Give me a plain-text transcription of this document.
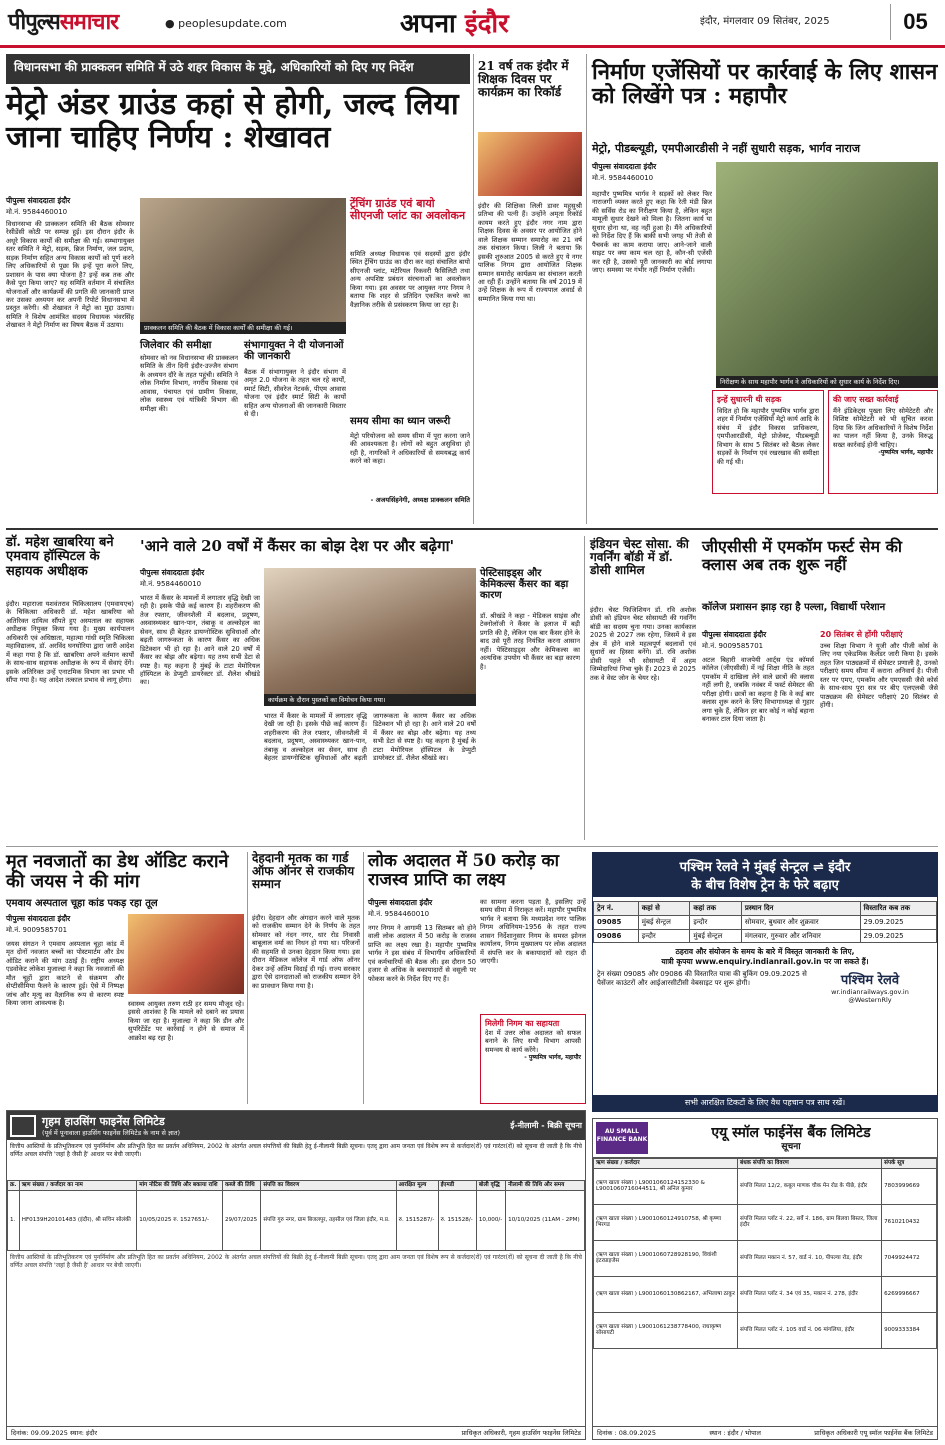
पीपुल्ससमाचार	● peoplesupdate.com	अपना इंदौर	इंदौर, मंगलवार 09 सितंबर, 2025	05
विधानसभा की प्राक्कलन समिति में उठे शहर विकास के मुद्दे, अधिकारियों को दिए गए निर्देश
मेट्रो अंडर ग्राउंड कहां से होगी, जल्द लिया जाना चाहिए निर्णय : शेखावत
पीपुल्स संवाददाता इंदौर
मो.नं. 9584460010
विधानसभा की प्राक्कलन समिति की बैठक सोमवार रेसीडेंसी कोठी पर सम्पन्न हुई। इस दौरान इंदौर के अधूरे विकास कार्यों की समीक्षा की गई। सम्भागायुक्त स्तर समिति ने मेट्रो, सड़क, ब्रिज निर्माण, जल प्रदाय, सड़क निर्माण सहित अन्य विकास कार्यों को पूर्ण करने लिए अधिकारियों से पूछा कि इन्हें पूरा करने लिए, प्रशासन के पास क्या योजना है? इन्हें कब तक और कैसे पूरा किया जाए? यह समिति वर्तमान में संचालित योजनाओं और कार्यक्रमों की प्रगति की जानकारी प्राप्त कर उसका अध्ययन कर अपनी रिपोर्ट विधानसभा में प्रस्तुत करेगी। श्री शेखावत ने मेट्रो का मुद्दा उठाया। समिति ने विशेष आमंत्रित सदस्य विधायक भंवरसिंह शेखावत ने मेट्रो निर्माण का विषय बैठक में उठाया।	प्राक्कलन समिति की बैठक में विकास कार्यों की समीक्षा की गई।
ट्रेंचिंग ग्राउंड एवं बायो सीएनजी प्लांट का अवलोकन
समिति अध्यक्ष विधायक एवं सदस्यों द्वारा इंदौर स्थित ट्रेंचिंग ग्राउंड का दौरा कर वहां संचालित बायो सीएनजी प्लांट, मटेरियल रिकवरी फैसिलिटी तथा अन्य अपशिष्ट प्रबंधन संरचनाओं का अवलोकन किया गया। इस अवसर पर आयुक्त नगर निगम ने बताया कि शहर से प्रतिदिन एकत्रित कचरे का वैज्ञानिक तरीके से प्रसंस्करण किया जा रहा है।
जिलेवार की समीक्षा
सोमवार को नव विधानसभा की प्राक्कलन समिति के तीन दिनी इंदौर-उज्जैन संभाग के अध्ययन दौरे के तहत पहुंची। समिति ने लोक निर्माण विभाग, नगरीय विकास एवं आवास, पंचायत एवं ग्रामीण विकास, लोक स्वास्थ्य एवं यांत्रिकी विभाग की समीक्षा की।
संभागायुक्त ने दी योजनाओं की जानकारी
बैठक में संभागायुक्त ने इंदौर संभाग में अमृत 2.0 योजना के तहत चल रहे कार्यों, स्मार्ट सिटी, सीवरेज नेटवर्क, पीएम आवास योजना एवं इंदौर स्मार्ट सिटी के कार्यों सहित अन्य योजनाओं की जानकारी विस्तार से दी।
समय सीमा का ध्यान जरूरी
मेट्रो परियोजना को समय सीमा में पूरा करना जाने की आवश्यकता है। लोगों को बहुत असुविधा हो रही है, नागरिकों ने अधिकारियों से समयबद्ध कार्य करने को कहा।
- अजयसिंहनेगी, अध्यक्ष प्राक्कलन समिति
21 वर्ष तक इंदौर में शिक्षक दिवस पर कार्यक्रम का रिकॉर्ड
इंदौर की शिक्षिका लिली डावर महूसुश्री प्रतिभा की पत्नी हैं। उन्होंने अमृता रिकॉर्ड कायम करते हुए इंदौर नगर नाम द्वारा शिक्षक दिवस के अवसर पर आयोजित होने वाले शिक्षक सम्मान समारोह का 21 वर्ष तक संचालन किया। लिली ने बताया कि इसकी शुरुआत 2005 से करते हुए ये नगर पालिक निगम द्वारा आयोजित शिक्षक सम्मान समारोह कार्यक्रम का संचालन करती आ रही हैं। उन्होंने बताया कि वर्ष 2019 में उन्हें शिक्षक के रूप में राज्यपाल अवार्ड से सम्मानित किया गया था।
निर्माण एजेंसियों पर कार्रवाई के लिए शासन को लिखेंगे पत्र : महापौर
मेट्रो, पीडब्ल्यूडी, एमपीआरडीसी ने नहीं सुधारी सड़क, भार्गव नाराज
पीपुल्स संवाददाता इंदौर
मो.नं. 9584460010
महापौर पुष्यमित्र भार्गव ने सड़कों को लेकर फिर नाराजगी व्यक्त करते हुए कहा कि रेती मंडी ब्रिज की सर्विस रोड का निरीक्षण किया है, लेकिन बहुत मामूली सुधार देखने को मिला है। जितना कार्य या सुधार होना था, वह नहीं हुआ है। मैंने अधिकारियों को निर्देश दिए हैं कि बाकी सभी जगह भी तेजी से पैचवर्क का काम कराया जाए। आने-जाने वाली साइट पर क्या काम चल रहा है, कौन-सी एजेंसी कर रही है, उसको पूरी जानकारी का बोर्ड लगाया जाए। समस्या पर गंभीर नहीं निर्माण एजेंसी।
निरीक्षण के साथ महापौर भार्गव ने अधिकारियों को सुधार कार्य के निर्देश दिए।
इन्हें सुधारनी थी सड़क
विदित हो कि महापौर पुष्यमित्र भार्गव द्वारा शहर में निर्माण एजेंसियों मेट्रो कार्य आदि के संबंध में इंदौर विकास प्राधिकरण, एमपीआरडीसी, मेट्रो प्रोजेक्ट, पीडब्ल्यूडी विभाग के साथ 5 सितंबर को बैठक लेकर सड़कों के निर्माण एवं रखरखाव की समीक्षा की गई थी।
की जाए सख्त कार्रवाई
मैंने इंडिकेट्स पुख्ता लिए सोमेटेटरी और विशिष्ट सोमेटेटरी को भी सूचित करवा दिया कि जिन अधिकारियों ने विशेष निर्देश का पालन नहीं किया है, उनके विरुद्ध सख्त कार्रवाई होनी चाहिए।
-पुष्यमित्र भार्गव, महापौर
डॉ. महेश खाबरिया बने एमवाय हॉस्पिटल के सहायक अधीक्षक
इंदौर। महाराजा यशवंतराव चिकित्सालय (एमवायएच) के चिकित्सा अधिकारी डॉ. महेश खाबरिया को अतिरिक्त दायित्व सौंपते हुए अस्पताल का सहायक अधीक्षक नियुक्त किया गया है। मुख्य कार्यपालन अधिकारी एवं अधिष्ठाता, महात्मा गांधी स्मृति चिकित्सा महाविद्यालय, डॉ. अरविंद घनघोरिया द्वारा जारी आदेश में कहा गया है कि डॉ. खाबरिया अपने वर्तमान कार्यों के साथ-साथ सहायक अधीक्षक के रूप में सेवाएं देंगे। इसके अतिरिक्त उन्हें एनाटमिक विभाग का प्रभार भी सौंपा गया है। यह आदेश तत्काल प्रभाव से लागू होगा।
'आने वाले 20 वर्षों में कैंसर का बोझ देश पर और बढ़ेगा'
पीपुल्स संवाददाता इंदौर
मो.नं. 9584460010
भारत में कैंसर के मामलों में लगातार वृद्धि देखी जा रही है। इसके पीछे कई कारण हैं। शहरीकरण की तेज रफ्तार, जीवनशैली में बदलाव, प्रदूषण, अस्वास्थ्यकर खान-पान, तंबाकू व अल्कोहल का सेवन, साथ ही बेहतर डायग्नोस्टिक सुविधाओं और बढ़ती जागरूकता के कारण कैंसर का अधिक डिटेक्शन भी हो रहा है। आने वाले 20 वर्षों में कैंसर का बोझ और बढ़ेगा। यह तथ्य सभी डेटा से स्पष्ट है। यह कहना है मुंबई के टाटा मेमोरियल हॉस्पिटल के डेप्युटी डायरेक्टर डॉ. शैलेश श्रीखंडे का।
कार्यक्रम के दौरान पुस्तकों का विमोचन किया गया।
पेस्टिसाइड्स और केमिकल्स कैंसर का बड़ा कारण
डॉ. श्रीखंडे ने कहा - मेडिकल साइंस और टेक्नोलॉजी ने कैंसर के इलाज में बड़ी प्रगति की है, लेकिन एक बार कैंसर होने के बाद उसे पूरी तरह नियंत्रित करना आसान नहीं। पेस्टिसाइड्स और केमिकल्स का अत्यधिक उपयोग भी कैंसर का बड़ा कारण है।
भारत में कैंसर के मामलों में लगातार वृद्धि देखी जा रही है। इसके पीछे कई कारण हैं। शहरीकरण की तेज रफ्तार, जीवनशैली में बदलाव, प्रदूषण, अस्वास्थ्यकर खान-पान, तंबाकू व अल्कोहल का सेवन, साथ ही बेहतर डायग्नोस्टिक सुविधाओं और बढ़ती जागरूकता के कारण कैंसर का अधिक डिटेक्शन भी हो रहा है। आने वाले 20 वर्षों में कैंसर का बोझ और बढ़ेगा। यह तथ्य सभी डेटा से स्पष्ट है। यह कहना है मुंबई के टाटा मेमोरियल हॉस्पिटल के डेप्युटी डायरेक्टर डॉ. शैलेश श्रीखंडे का।
इंडियन चेस्ट सोसा. की गवर्निंग बॉडी में डॉ. डोसी शामिल
इंदौर। चेस्ट फिजिशियन डॉ. रवि अशोक डोसी को इंडियन चेस्ट सोसायटी की गवर्निंग बॉडी का सदस्य चुना गया। उनका कार्यकाल 2025 से 2027 तक रहेगा, जिसमें वे इस क्षेत्र में होने वाले महत्वपूर्ण बदलावों एवं सुधारों का हिस्सा बनेंगे। डॉ. रवि अशोक डोसी पहले भी सोसायटी में अहम जिम्मेदारियां निभा चुके हैं। 2023 से 2025 तक वे वेस्ट जोन के चेयर रहे।
जीएसीसी में एमकॉम फर्स्ट सेम की क्लास अब तक शुरू नहीं
कॉलेज प्रशासन झाड़ रहा है पल्ला, विद्यार्थी परेशान
पीपुल्स संवाददाता इंदौर
मो.नं. 9009585701
अटल बिहारी वाजपेयी आर्ट्स एंड कॉमर्स कॉलेज (जीएसीसी) में नई शिक्षा नीति के तहत एमकॉम में दाखिला लेने वाले छात्रों की क्लास नहीं लगी है, जबकि नवंबर में फर्स्ट सेमेस्टर की परीक्षा होगी। छात्रों का कहना है कि वे कई बार क्लास शुरू करने के लिए विभागाध्यक्ष से गुहार लगा चुके हैं, लेकिन हर बार कोई न कोई बहाना बनाकर टाल दिया जाता है।
20 सितंबर से होंगी परीक्षाएं
उच्च शिक्षा विभाग ने यूजी और पीजी कोर्स के लिए नया एकेडमिक कैलेंडर जारी किया है। इसके तहत जिन पाठ्यक्रमों में सेमेस्टर प्रणाली है, उनको परीक्षाएं समय सीमा में कराना अनिवार्य है। पीजी स्तर पर एमए, एमकॉम और एमएससी जैसे कोर्स के साथ-साथ पूरा सत्र पर बीए एलएलबी जैसे पाठ्यक्रम की सेमेस्टर परीक्षाएं 20 सितंबर से होंगी।
मृत नवजातों का डेथ ऑडिट कराने की जयस ने की मांग
एमवाय अस्पताल चूहा कांड पकड़ रहा तूल
पीपुल्स संवाददाता इंदौर
मो.नं. 9009585701
जयस संगठन ने एमवाय अस्पताल चूहा कांड में मृत दोनों नवजात बच्चों का पोस्टमार्टम और डेथ ऑडिट कराने की मांग उठाई है। राष्ट्रीय अध्यक्ष एडवोकेट लोकेश मुजाल्दा ने कहा कि नवजातों की मौत चूहों द्वारा काटने से संक्रमण और सेप्टीसीमिया फैलने के कारण हुई। ऐसे में निष्पक्ष जांच और मृत्यु का वैज्ञानिक रूप से कारण स्पष्ट किया जाना आवश्यक है।	स्वास्थ्य आयुक्त तरुण राठी हर समय मौजूद रहे। इससे आशंका है कि मामले को दबाने का प्रयास किया जा रहा है। मुजाल्दा ने कहा कि डीन और सुपरिटेंडेंट पर कार्रवाई न होने से समाज में आक्रोश बढ़ रहा है।
देहदानी मृतक का गार्ड ऑफ ऑनर से राजकीय सम्मान
इंदौर। देहदान और अंगदान करने वाले मृतक को राजकीय सम्मान देने के निर्णय के तहत सोमवार को नंदन नगर, धार रोड निवासी बाबूलाल वर्मा का निधन हो गया था। परिजनों की सहमति से उनका देहदान किया गया। इस दौरान मेडिकल कॉलेज में गार्ड ऑफ ऑनर देकर उन्हें अंतिम विदाई दी गई। राज्य सरकार द्वारा ऐसे दानदाताओं को राजकीय सम्मान देने का प्रावधान किया गया है।
लोक अदालत में 50 करोड़ का राजस्व प्राप्ति का लक्ष्य
पीपुल्स संवाददाता इंदौर
मो.नं. 9584460010
नगर निगम ने आगामी 13 सितम्बर को होने वाली लोक अदालत में 50 करोड़ के राजस्व प्राप्ति का लक्ष्य रखा है। महापौर पुष्यमित्र भार्गव ने इस संबंध में विभागीय अधिकारियों एवं कर्मचारियों की बैठक ली। इस दौरान 50 हजार से अधिक के बकायादारों से वसूली पर फोकस करने के निर्देश दिए गए हैं।
का सामना करना पड़ता है, इसलिए उन्हें समय सीमा में निराकृत करें। महापौर पुष्यमित्र भार्गव ने बताया कि मध्यप्रदेश नगर पालिक निगम अधिनियम-1956 के तहत राज्य शासन निर्देशानुसार निगम के समस्त झोनल कार्यालय, निगम मुख्यालय पर लोक अदालत में संपत्ति कर के बकायादारों को राहत दी जाएगी।
मिलेगी निगम का सहायता
देश में उत्तर लोक अदालत को सफल बनाने के लिए सभी विभाग आपसी समन्वय से कार्य करेंगे।
- पुष्यमित्र भार्गव, महापौर
पश्चिम रेलवे ने मुंबई सेन्ट्रल ⇌ इंदौर
के बीच विशेष ट्रेन के फेरे बढ़ाए
ट्रेन नं.	कहां से	कहां तक	प्रस्थान दिन	विस्तारित कब तक
09085	मुंबई सेन्ट्रल	इन्दौर	सोमवार, बुधवार और शुक्रवार	29.09.2025
09086	इन्दौर	मुंबई सेन्ट्रल	मंगलवार, गुरुवार और शनिवार	29.09.2025
ठहराव और संयोजन के समय के बारे में विस्तृत जानकारी के लिए,
यात्री कृपया www.enquiry.indianrail.gov.in पर जा सकते हैं।
ट्रेन संख्या 09085 और 09086 की विस्तारित यात्रा की बुकिंग 09.09.2025 से पैसेंजर काउंटरों और आईआरसीटीसी वेबसाइट पर शुरू होगी।	पश्चिम रेलवे
wr.indianrailways.gov.in
@WesternRly
सभी आरक्षित टिकटों के लिए वैध पहचान पत्र साथ रखें।
AU SMALL FINANCE BANK	एयू स्मॉल फाईनेंस बैंक लिमिटेड
सूचना
ऋण संख्या / कर्जदार	बंधक संपत्ति का विवरण	संपर्क सूत्र
(ऋण खाता संख्या ) L9001060124152330 & L9001060716044511, श्री अनिल कुमार	संपत्ति मिलत 12/2, कबूल माणक चौक मेन रोड के पीछे, इंदौर	7803999669
(ऋण खाता संख्या ) L9001060124910758, श्री कृष्णा भिरगड	संपत्ति मिलत प्लॉट नं. 22, सर्वे नं. 186, ग्राम बिलवा बिस्तर, जिला इंदौर	7610210432
(ऋण खाता संख्या ) L9001060728928190, विवांशी इंटरप्राइजेस	संपत्ति मिलत मकान नं. 57, वार्ड नं. 10, पीपल्या रोड, इंदौर	7049924472
(ऋण खाता संख्या ) L9001060130862167, अभिलाषा ठाकुर	संपत्ति मिलत प्लॉट नं. 34 एवं 35, मकान नं. 278, इंदौर	6269996667
(ऋण खाता संख्या ) L9001061238778400, राधाकृष्ण सोसायटी	संपत्ति मिलत प्लॉट नं. 105 वार्ड नं. 06 मांगलिया, इंदौर	9009333384
दिनांक : 08.09.2025	स्थान : इंदौर / भोपाल	प्राधिकृत अधिकारी एयू स्मॉल फाईनेंस बैंक लिमिटेड
गृहम हाउसिंग फाइनेंस लिमिटेड
(पूर्व में पूनावाला हाउसिंग फाइनेंस लिमिटेड के नाम से ज्ञात)
ई-नीलामी - बिक्री सूचना
वित्तीय आस्तियों के प्रतिभूतिकरण एवं पुनर्निर्माण और प्रतिभूति हित का प्रवर्तन अधिनियम, 2002 के अंतर्गत अचल संपत्तियों की बिक्री हेतु ई-नीलामी बिक्री सूचना। एतद् द्वारा आम जनता एवं विशेष रूप से कर्जदार(रों) एवं गारंटर(रों) को सूचना दी जाती है कि नीचे वर्णित अचल संपत्ति 'जहां है जैसी है' आधार पर बेची जाएगी।
क्र.	ऋण संख्या / कर्जदार का नाम	मांग नोटिस की तिथि और बकाया राशि	कब्जे की तिथि	संपत्ति का विवरण	आरक्षित मूल्य	ईएमडी	बोली वृद्धि	नीलामी की तिथि और समय
1.	HF0139H20101483 (इंदौर), श्री सचिन सोलंकी	10/05/2025 रु. 1527651/-	29/07/2025	संपत्ति गुरु नगर, ग्राम बिजलपुर, तहसील एवं जिला इंदौर, म.प्र.	रु. 1515287/-	रु. 151528/-	10,000/-	10/10/2025 (11AM - 2PM)
वित्तीय आस्तियों के प्रतिभूतिकरण एवं पुनर्निर्माण और प्रतिभूति हित का प्रवर्तन अधिनियम, 2002 के अंतर्गत अचल संपत्तियों की बिक्री हेतु ई-नीलामी बिक्री सूचना। एतद् द्वारा आम जनता एवं विशेष रूप से कर्जदार(रों) एवं गारंटर(रों) को सूचना दी जाती है कि नीचे वर्णित अचल संपत्ति 'जहां है जैसी है' आधार पर बेची जाएगी।
दिनांक: 09.09.2025 स्थान: इंदौर	प्राधिकृत अधिकारी, गृहम हाउसिंग फाइनेंस लिमिटेड
